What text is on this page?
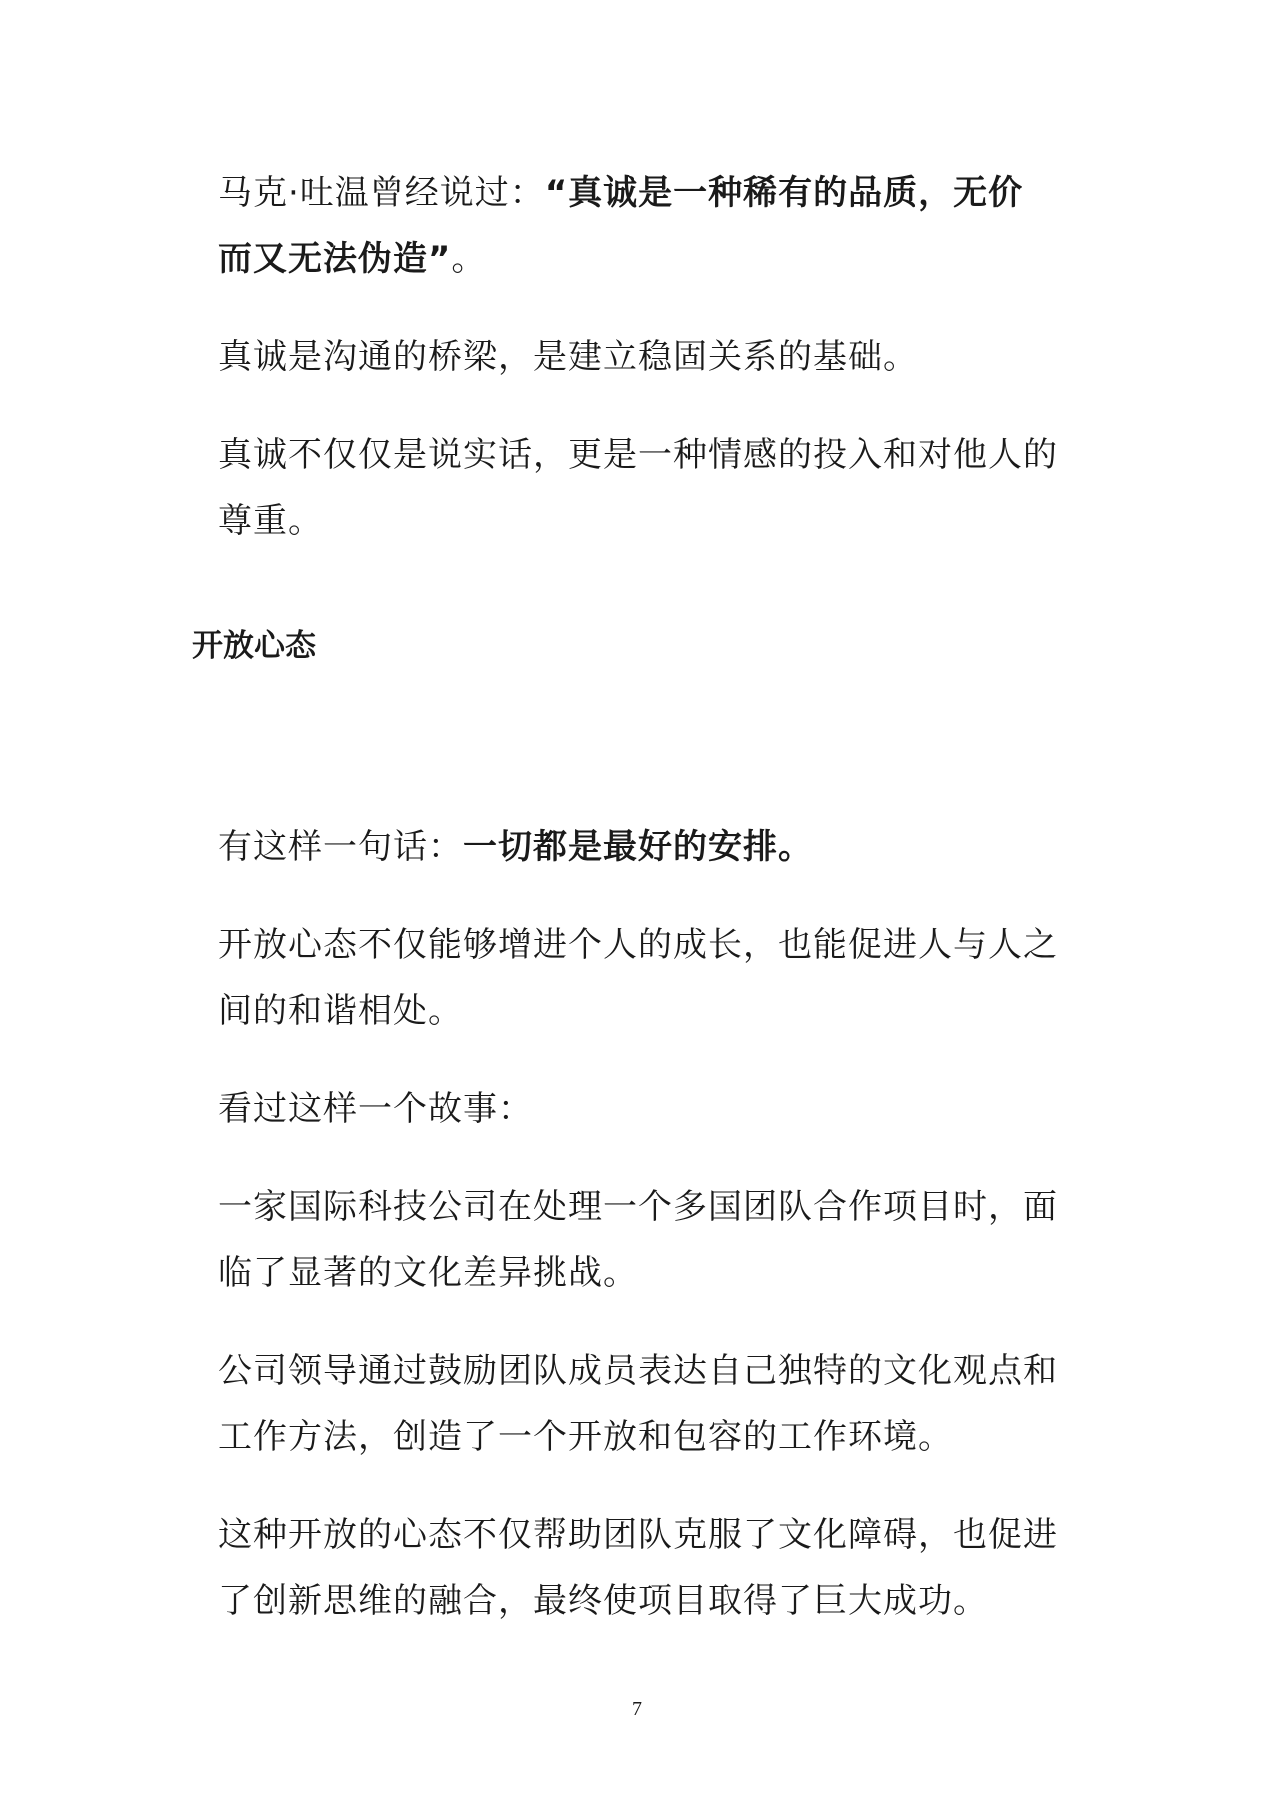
马克·吐温曾经说过：“真诚是一种稀有的品质，无价而又无法伪造”。

真诚是沟通的桥梁，是建立稳固关系的基础。

真诚不仅仅是说实话，更是一种情感的投入和对他人的尊重。

开放心态

有这样一句话：一切都是最好的安排。

开放心态不仅能够增进个人的成长，也能促进人与人之间的和谐相处。

看过这样一个故事：

一家国际科技公司在处理一个多国团队合作项目时，面临了显著的文化差异挑战。

公司领导通过鼓励团队成员表达自己独特的文化观点和工作方法，创造了一个开放和包容的工作环境。

这种开放的心态不仅帮助团队克服了文化障碍，也促进了创新思维的融合，最终使项目取得了巨大成功。

7
